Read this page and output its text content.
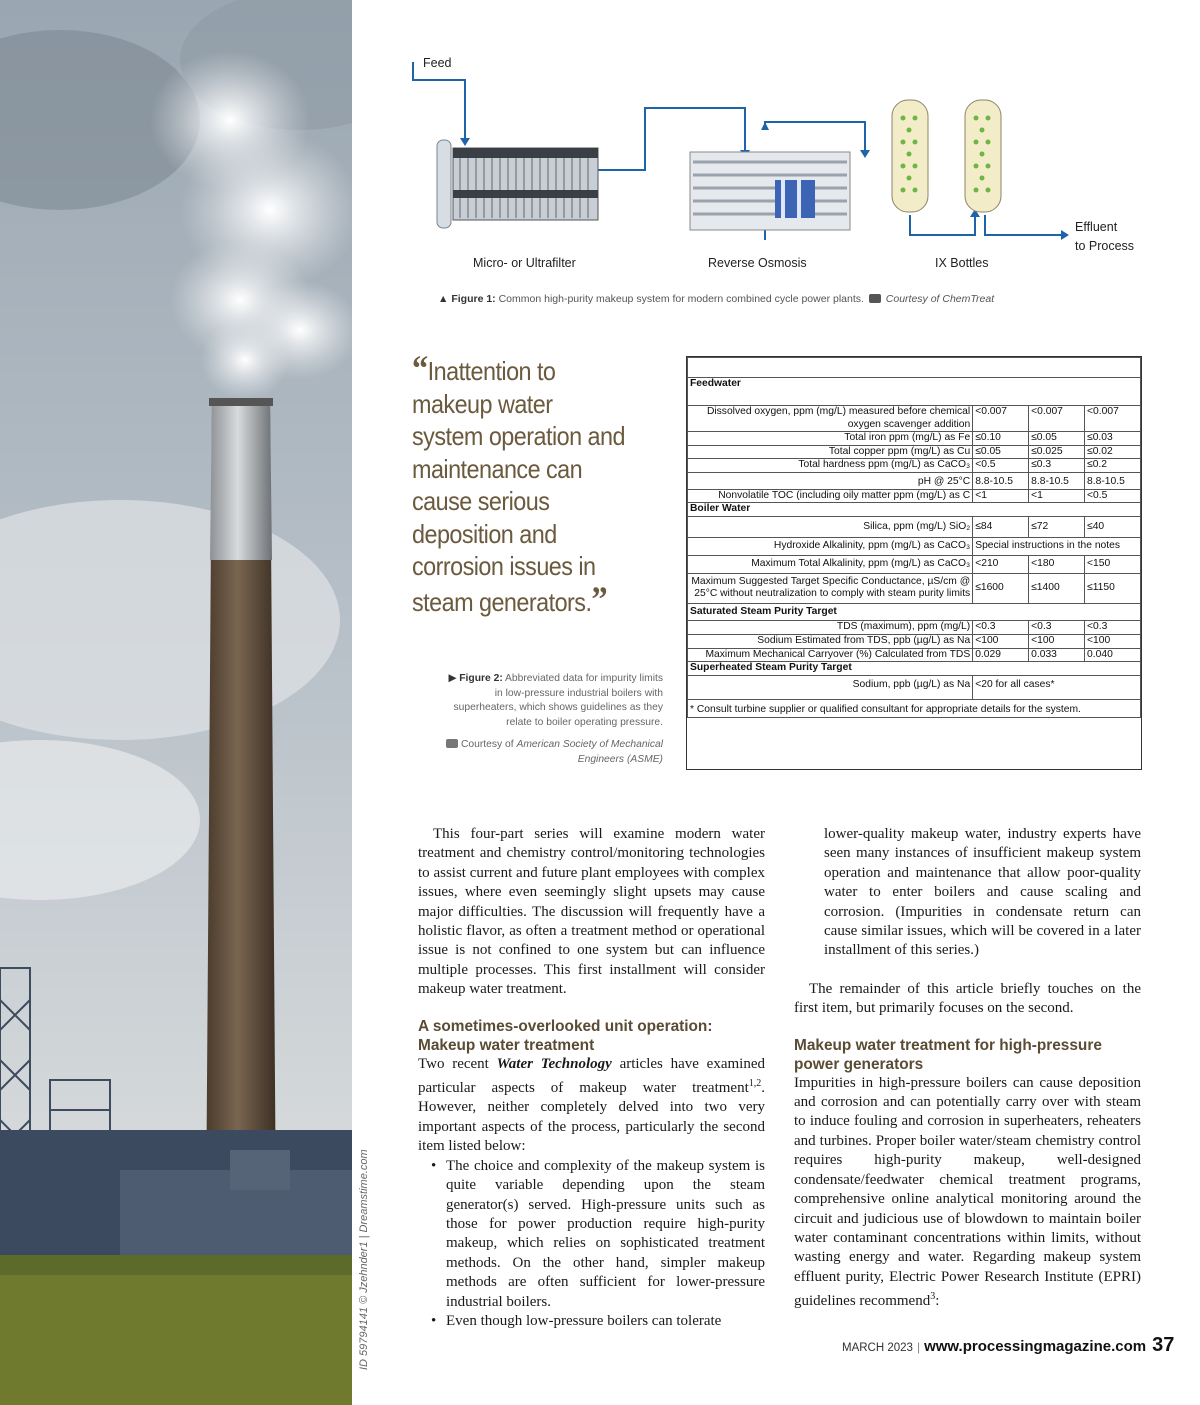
ID 59794141 © Jzehnder1 | Dreamstime.com
Feed
Micro- or Ultrafilter	Reverse Osmosis	IX Bottles
Effluent
to Process
▲ Figure 1: Common high-purity makeup system for modern combined cycle power plants. Courtesy of ChemTreat
“Inattention to makeup water system operation and maintenance can cause serious deposition and corrosion issues in steam generators.”
▶ Figure 2: Abbreviated data for impurity limits in low-pressure industrial boilers with superheaters, which shows guidelines as they relate to boiler operating pressure.
Courtesy of American Society of Mechanical Engineers (ASME)

Feedwater			
Dissolved oxygen, ppm (mg/L) measured before chemical oxygen scavenger addition	<0.007	<0.007	<0.007
Total iron ppm (mg/L) as Fe	≤0.10	≤0.05	≤0.03
Total copper ppm (mg/L) as Cu	≤0.05	≤0.025	≤0.02
Total hardness ppm (mg/L) as CaCO₃	<0.5	≤0.3	≤0.2
pH @ 25°C	8.8-10.5	8.8-10.5	8.8-10.5
Nonvolatile TOC (including oily matter ppm (mg/L) as C	<1	<1	<0.5
Boiler Water			
Silica, ppm (mg/L) SiO₂	≤84	≤72	≤40
Hydroxide Alkalinity, ppm (mg/L) as CaCO₃	Special instructions in the notes		
Maximum Total Alkalinity, ppm (mg/L) as CaCO₃	<210	<180	<150
Maximum Suggested Target Specific Conductance, µS/cm @ 25°C without neutralization to comply with steam purity limits	≤1600	≤1400	≤1150
Saturated Steam Purity Target			
TDS (maximum), ppm (mg/L)	<0.3	<0.3	<0.3
Sodium Estimated from TDS, ppb (µg/L) as Na	<100	<100	<100
Maximum Mechanical Carryover (%) Calculated from TDS	0.029	0.033	0.040
Superheated Steam Purity Target			
Sodium, ppb (µg/L) as Na	<20 for all cases*		
* Consult turbine supplier or qualified consultant for appropriate details for the system.			

This four-part series will examine modern water treatment and chemistry control/monitoring technologies to assist current and future plant employees with complex issues, where even seemingly slight upsets may cause major difficulties. The discussion will frequently have a holistic flavor, as often a treatment method or operational issue is not confined to one system but can influence multiple processes. This first installment will consider makeup water treatment.

A sometimes-overlooked unit operation: Makeup water treatment

Two recent Water Technology articles have examined particular aspects of makeup water treatment$^{1,2}$. However, neither completely delved into two very important aspects of the process, particularly the second item listed below:

• The choice and complexity of the makeup system is quite variable depending upon the steam generator(s) served. High-pressure units such as those for power production require high-purity makeup, which relies on sophisticated treatment methods. On the other hand, simpler makeup methods are often sufficient for lower-pressure industrial boilers.
• Even though low-pressure boilers can tolerate

lower-quality makeup water, industry experts have seen many instances of insufficient makeup system operation and maintenance that allow poor-quality water to enter boilers and cause scaling and corrosion. (Impurities in condensate return can cause similar issues, which will be covered in a later installment of this series.)

The remainder of this article briefly touches on the first item, but primarily focuses on the second.

Makeup water treatment for high-pressure power generators

Impurities in high-pressure boilers can cause deposition and corrosion and can potentially carry over with steam to induce fouling and corrosion in superheaters, reheaters and turbines. Proper boiler water/steam chemistry control requires high-purity makeup, well-designed condensate/feedwater chemical treatment programs, comprehensive online analytical monitoring around the circuit and judicious use of blowdown to maintain boiler water contaminant concentrations within limits, without wasting energy and water. Regarding makeup system effluent purity, Electric Power Research Institute (EPRI) guidelines recommend$^3$:

MARCH 2023 | www.processingmagazine.com 37
